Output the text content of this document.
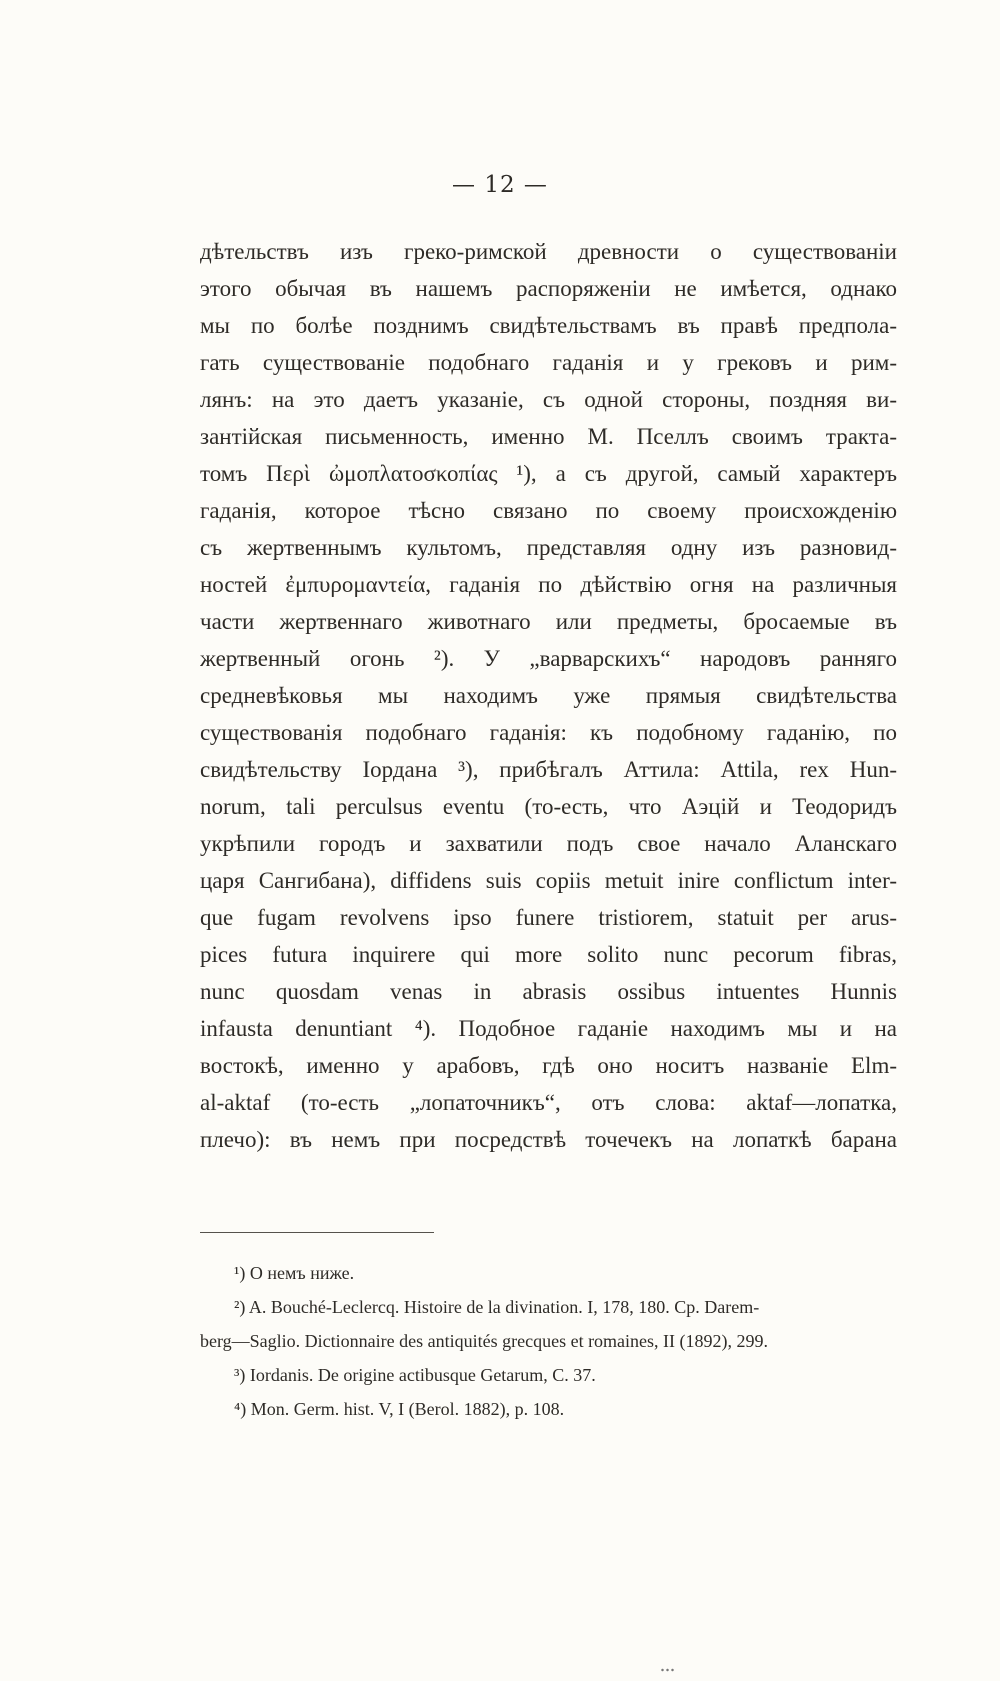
— 12 —
дѣтельствъ изъ греко-римской древности о существованіи
этого обычая въ нашемъ распоряженіи не имѣется, однако
мы по болѣе позднимъ свидѣтельствамъ въ правѣ предпола-
гать существованіе подобнаго гаданія и у грековъ и рим-
лянъ: на это даетъ указаніе, съ одной стороны, поздняя ви-
зантійская письменность, именно М. Пселлъ своимъ тракта-
томъ Περὶ ὠμοπλατοσκοπίας ¹), а съ другой, самый характеръ
гаданія, которое тѣсно связано по своему происхожденію
съ жертвеннымъ культомъ, представляя одну изъ разновид-
ностей ἐμπυρομαντεία, гаданія по дѣйствію огня на различныя
части жертвеннаго животнаго или предметы, бросаемые въ
жертвенный огонь ²). У „варварскихъ“ народовъ ранняго
средневѣковья мы находимъ уже прямыя свидѣтельства
существованія подобнаго гаданія: къ подобному гаданію, по
свидѣтельству Іордана ³), прибѣгалъ Аттила: Attila, rex Hun-
norum, tali perculsus eventu (то-есть, что Аэцій и Теодоридъ
укрѣпили городъ и захватили подъ свое начало Аланскаго
царя Сангибана), diffidens suis copiis metuit inire conflictum inter-
que fugam revolvens ipso funere tristiorem, statuit per arus-
pices futura inquirere qui more solito nunc pecorum fibras,
nunc quosdam venas in abrasis ossibus intuentes Hunnis
infausta denuntiant ⁴). Подобное гаданіе находимъ мы и на
востокѣ, именно у арабовъ, гдѣ оно носитъ названіе Elm-
al-aktaf (то-есть „лопаточникъ“, отъ слова: aktaf—лопатка,
плечо): въ немъ при посредствѣ точечекъ на лопаткѣ барана
¹) О немъ ниже.
²) A. Bouché-Leclercq. Histoire de la divination. I, 178, 180. Cp. Darem-
berg—Saglio. Dictionnaire des antiquités grecques et romaines, II (1892), 299.
³) Iordanis. De origine actibusque Getarum, C. 37.
⁴) Mon. Germ. hist. V, I (Berol. 1882), p. 108.
